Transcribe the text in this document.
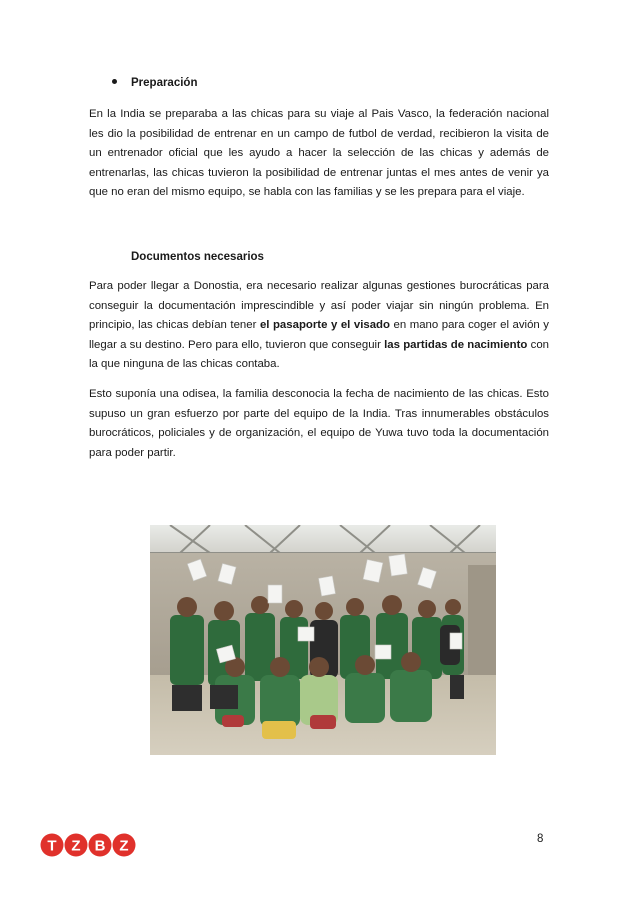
Preparación

En la India se preparaba a las chicas para su viaje al Pais Vasco, la federación nacional les dio la posibilidad de entrenar en un campo de futbol de verdad, recibieron la visita de un entrenador oficial que les ayudo a hacer la selección de las chicas y además de entrenarlas, las chicas tuvieron la posibilidad de entrenar juntas el mes antes de venir ya que no eran del mismo equipo, se habla con las familias y se les prepara para el viaje.

Documentos necesarios

Para poder llegar a Donostia, era necesario realizar algunas gestiones burocráticas para conseguir la documentación imprescindible y así poder viajar sin ningún problema. En principio, las chicas debían tener el pasaporte y el visado en mano para coger el avión y llegar a su destino. Pero para ello, tuvieron que conseguir las partidas de nacimiento con la que ninguna de las chicas contaba.

Esto suponía una odisea, la familia desconocia la fecha de nacimiento de las chicas. Esto supuso un gran esfuerzo por parte del equipo de la India. Tras innumerables obstáculos burocráticos, policiales y de organización, el equipo de Yuwa tuvo toda la documentación para poder partir.

T Z B Z	8
